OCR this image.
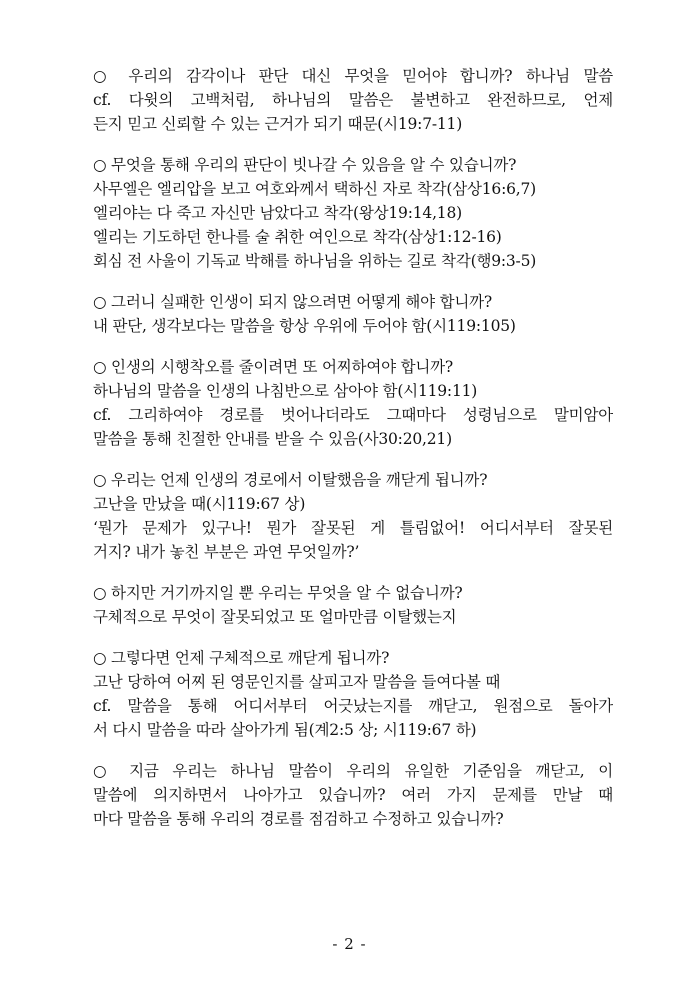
○ 우리의 감각이나 판단 대신 무엇을 믿어야 합니까? 하나님 말씀
cf. 다윗의 고백처럼, 하나님의 말씀은 불변하고 완전하므로, 언제
든지 믿고 신뢰할 수 있는 근거가 되기 때문(시19:7-11)
○ 무엇을 통해 우리의 판단이 빗나갈 수 있음을 알 수 있습니까?
사무엘은 엘리압을 보고 여호와께서 택하신 자로 착각(삼상16:6,7)
엘리야는 다 죽고 자신만 남았다고 착각(왕상19:14,18)
엘리는 기도하던 한나를 술 취한 여인으로 착각(삼상1:12-16)
회심 전 사울이 기독교 박해를 하나님을 위하는 길로 착각(행9:3-5)
○ 그러니 실패한 인생이 되지 않으려면 어떻게 해야 합니까?
내 판단, 생각보다는 말씀을 항상 우위에 두어야 함(시119:105)
○ 인생의 시행착오를 줄이려면 또 어찌하여야 합니까?
하나님의 말씀을 인생의 나침반으로 삼아야 함(시119:11)
cf. 그리하여야 경로를 벗어나더라도 그때마다 성령님으로 말미암아
말씀을 통해 친절한 안내를 받을 수 있음(사30:20,21)
○ 우리는 언제 인생의 경로에서 이탈했음을 깨닫게 됩니까?
고난을 만났을 때(시119:67 상)
‘뭔가 문제가 있구나! 뭔가 잘못된 게 틀림없어! 어디서부터 잘못된
거지? 내가 놓친 부분은 과연 무엇일까?’
○ 하지만 거기까지일 뿐 우리는 무엇을 알 수 없습니까?
구체적으로 무엇이 잘못되었고 또 얼마만큼 이탈했는지
○ 그렇다면 언제 구체적으로 깨닫게 됩니까?
고난 당하여 어찌 된 영문인지를 살피고자 말씀을 들여다볼 때
cf. 말씀을 통해 어디서부터 어긋났는지를 깨닫고, 원점으로 돌아가
서 다시 말씀을 따라 살아가게 됨(계2:5 상; 시119:67 하)
○ 지금 우리는 하나님 말씀이 우리의 유일한 기준임을 깨닫고, 이
말씀에 의지하면서 나아가고 있습니까? 여러 가지 문제를 만날 때
마다 말씀을 통해 우리의 경로를 점검하고 수정하고 있습니까?
- 2 -
